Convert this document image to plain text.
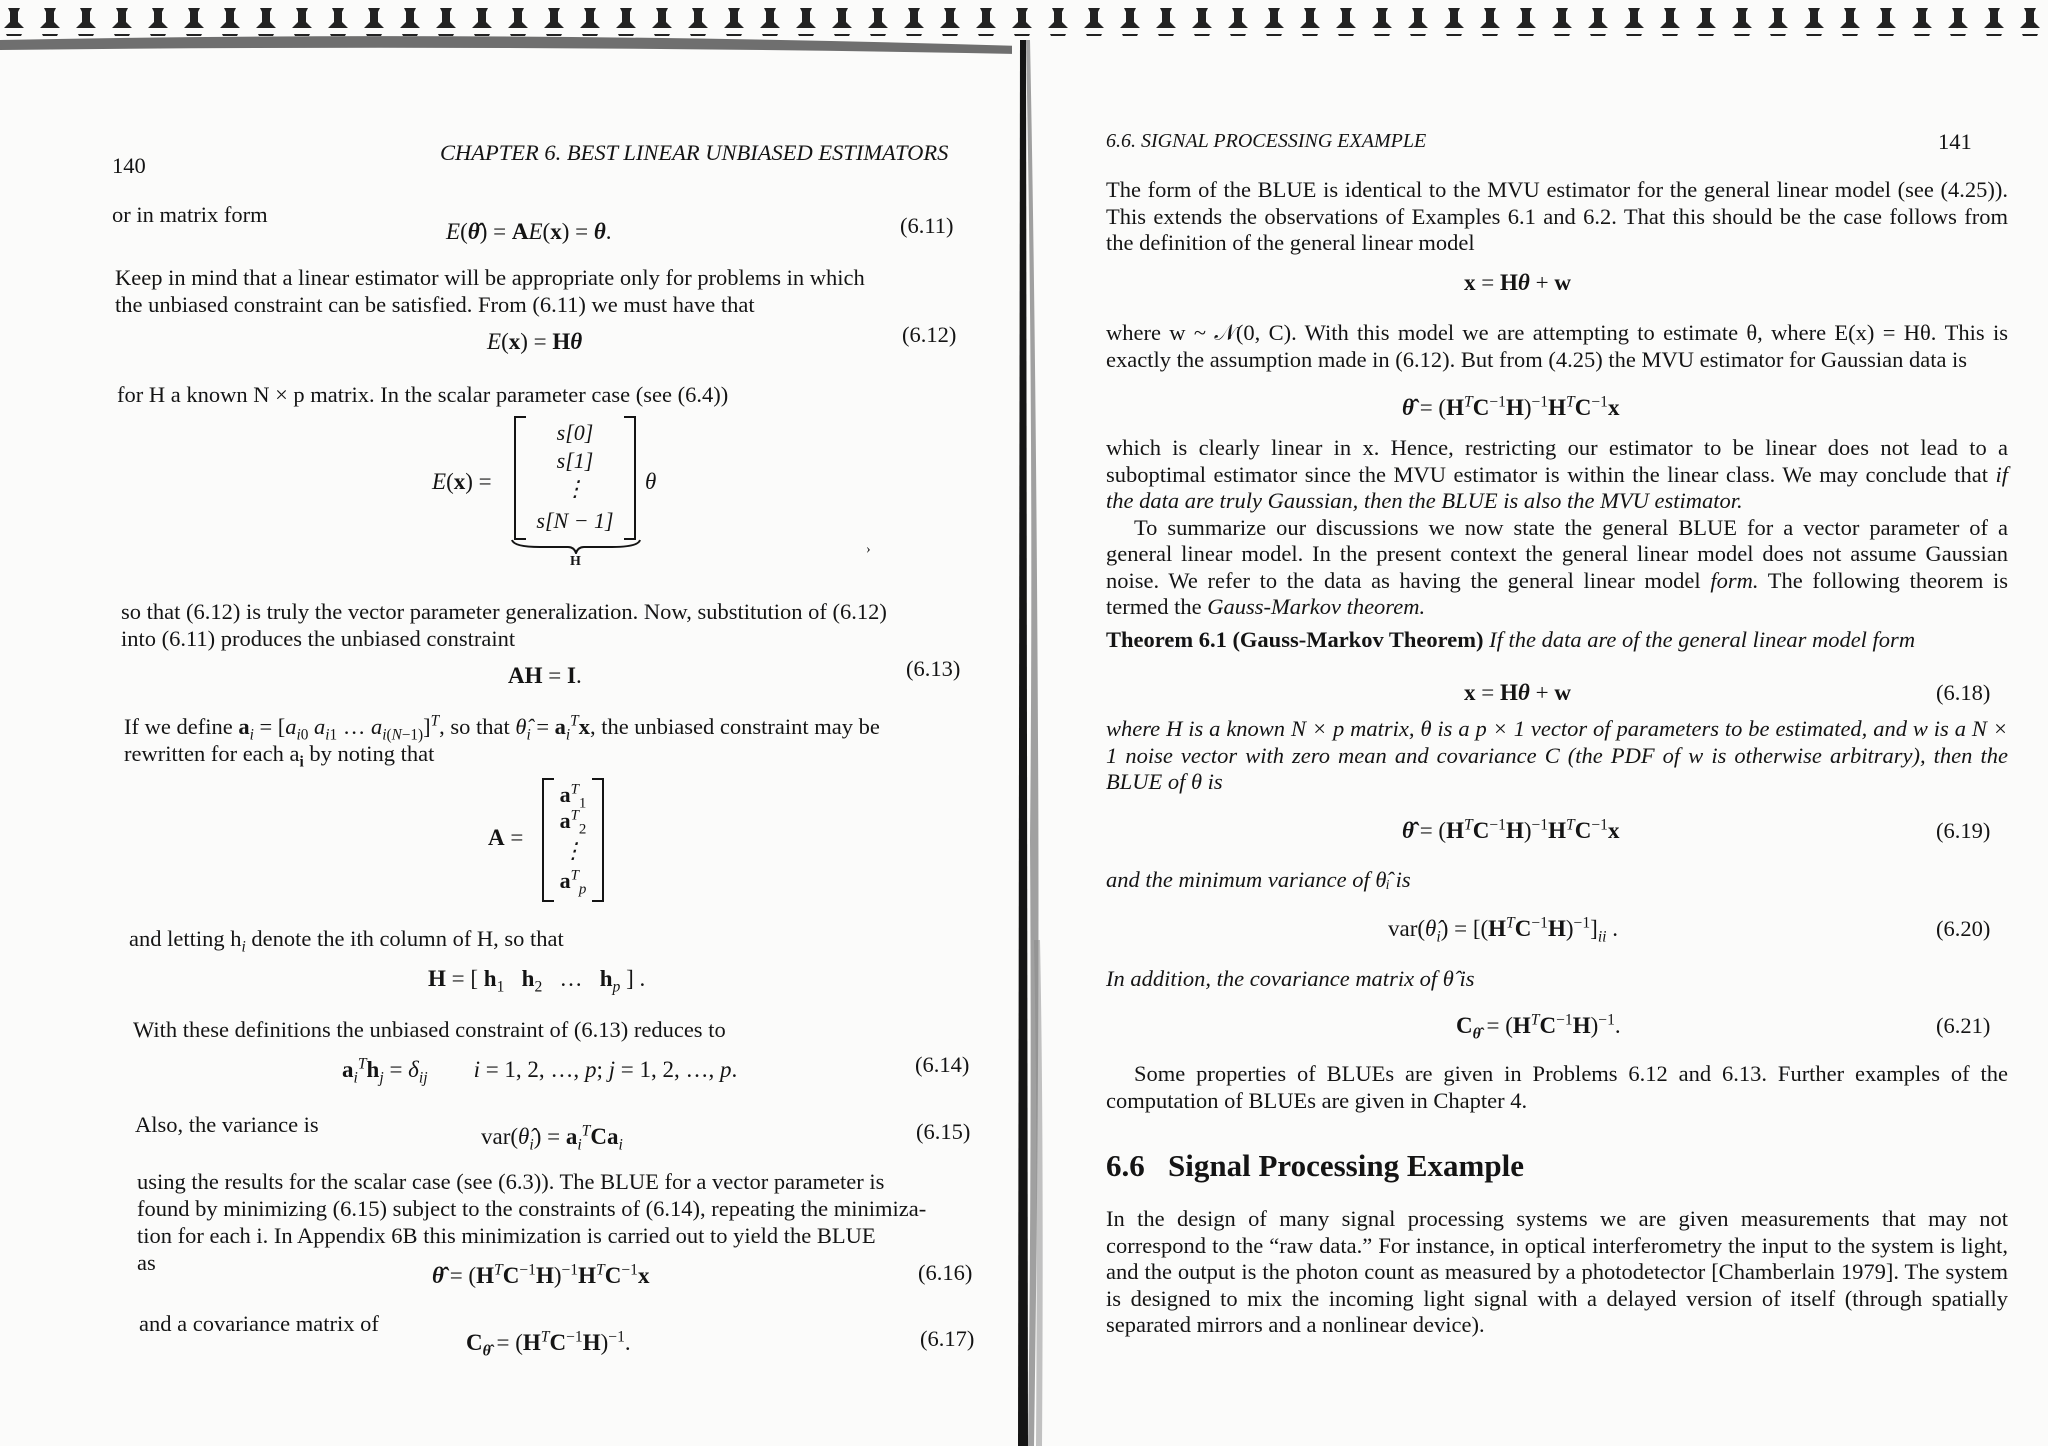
140
CHAPTER 6. BEST LINEAR UNBIASED ESTIMATORS
or in matrix form
E(θ̂) = AE(x) = θ.	(6.11)
Keep in mind that a linear estimator will be appropriate only for problems in which
the unbiased constraint can be satisfied. From (6.11) we must have that
E(x) = Hθ	(6.12)
for H a known N × p matrix. In the scalar parameter case (see (6.4))
E(x) =
s[0]
s[1]
⋮
s[N − 1]
θ
H
›
so that (6.12) is truly the vector parameter generalization. Now, substitution of (6.12)
into (6.11) produces the unbiased constraint
AH = I.	(6.13)
If we define $a_i = [a_{i0}$ $a_{i1}$ … $a_{i(N-1)}]^T$, so that $\thetâ_i = a_i^Tx$, the unbiased constraint may be
rewritten for each $a_i$ by noting that
A =
$a^T_1$
$a^T_2$
⋮
$a^T_p$
and letting $h_i$ denote the ith column of H, so that
H = [ $h_1$ $h_2$   …   $h_p$ ] .
With these definitions the unbiased constraint of (6.13) reduces to
$a_i^Th_j = \delta_{ij}$ i = 1, 2, …, p; j = 1, 2, …, p.	(6.14)
Also, the variance is	$var(\thetâ_i) = a_i^TCa_i$
(6.15)
using the results for the scalar case (see (6.3)). The BLUE for a vector parameter is
found by minimizing (6.15) subject to the constraints of (6.14), repeating the minimiza-
tion for each i. In Appendix 6B this minimization is carried out to yield the BLUE
as
θ̂ = $(H^TC^{-1}H)^{-1}H^TC^{-1}x$	(6.16)
and a covariance matrix of
$C_{\thetâ} = (H^TC^{-1}H)^{-1}$.	(6.17)
6.6. SIGNAL PROCESSING EXAMPLE	141

The form of the BLUE is identical to the MVU estimator for the general linear model (see (4.25)). This extends the observations of Examples 6.1 and 6.2. That this should be the case follows from the definition of the general linear model

x = Hθ + w

where w ~ 𝒩(0, C). With this model we are attempting to estimate θ, where E(x) = Hθ. This is exactly the assumption made in (6.12). But from (4.25) the MVU estimator for Gaussian data is

θ̂ = $(H^TC^{-1}H)^{-1}H^TC^{-1}x$

which is clearly linear in x. Hence, restricting our estimator to be linear does not lead to a suboptimal estimator since the MVU estimator is within the linear class. We may conclude that if the data are truly Gaussian, then the BLUE is also the MVU estimator.

To summarize our discussions we now state the general BLUE for a vector parameter of a general linear model. In the present context the general linear model does not assume Gaussian noise. We refer to the data as having the general linear model form. The following theorem is termed the Gauss-Markov theorem.

Theorem 6.1 (Gauss-Markov Theorem) If the data are of the general linear model form

x = Hθ + w	(6.18)

where H is a known N × p matrix, θ is a p × 1 vector of parameters to be estimated, and w is a N × 1 noise vector with zero mean and covariance C (the PDF of w is otherwise arbitrary), then the BLUE of θ is

θ̂ = $(H^TC^{-1}H)^{-1}H^TC^{-1}x$	(6.19)
and the minimum variance of θ̂ᵢ is
$var(\thetâ_i) = [(H^TC^{-1}H)^{-1}]_{ii}$ .	(6.20)
In addition, the covariance matrix of θ̂ is
$C_{\thetâ} = (H^TC^{-1}H)^{-1}$.	(6.21)

Some properties of BLUEs are given in Problems 6.12 and 6.13. Further examples of the computation of BLUEs are given in Chapter 4.

6.6 Signal Processing Example

In the design of many signal processing systems we are given measurements that may not correspond to the “raw data.” For instance, in optical interferometry the input to the system is light, and the output is the photon count as measured by a photodetector [Chamberlain 1979]. The system is designed to mix the incoming light signal with a delayed version of itself (through spatially separated mirrors and a nonlinear device).
